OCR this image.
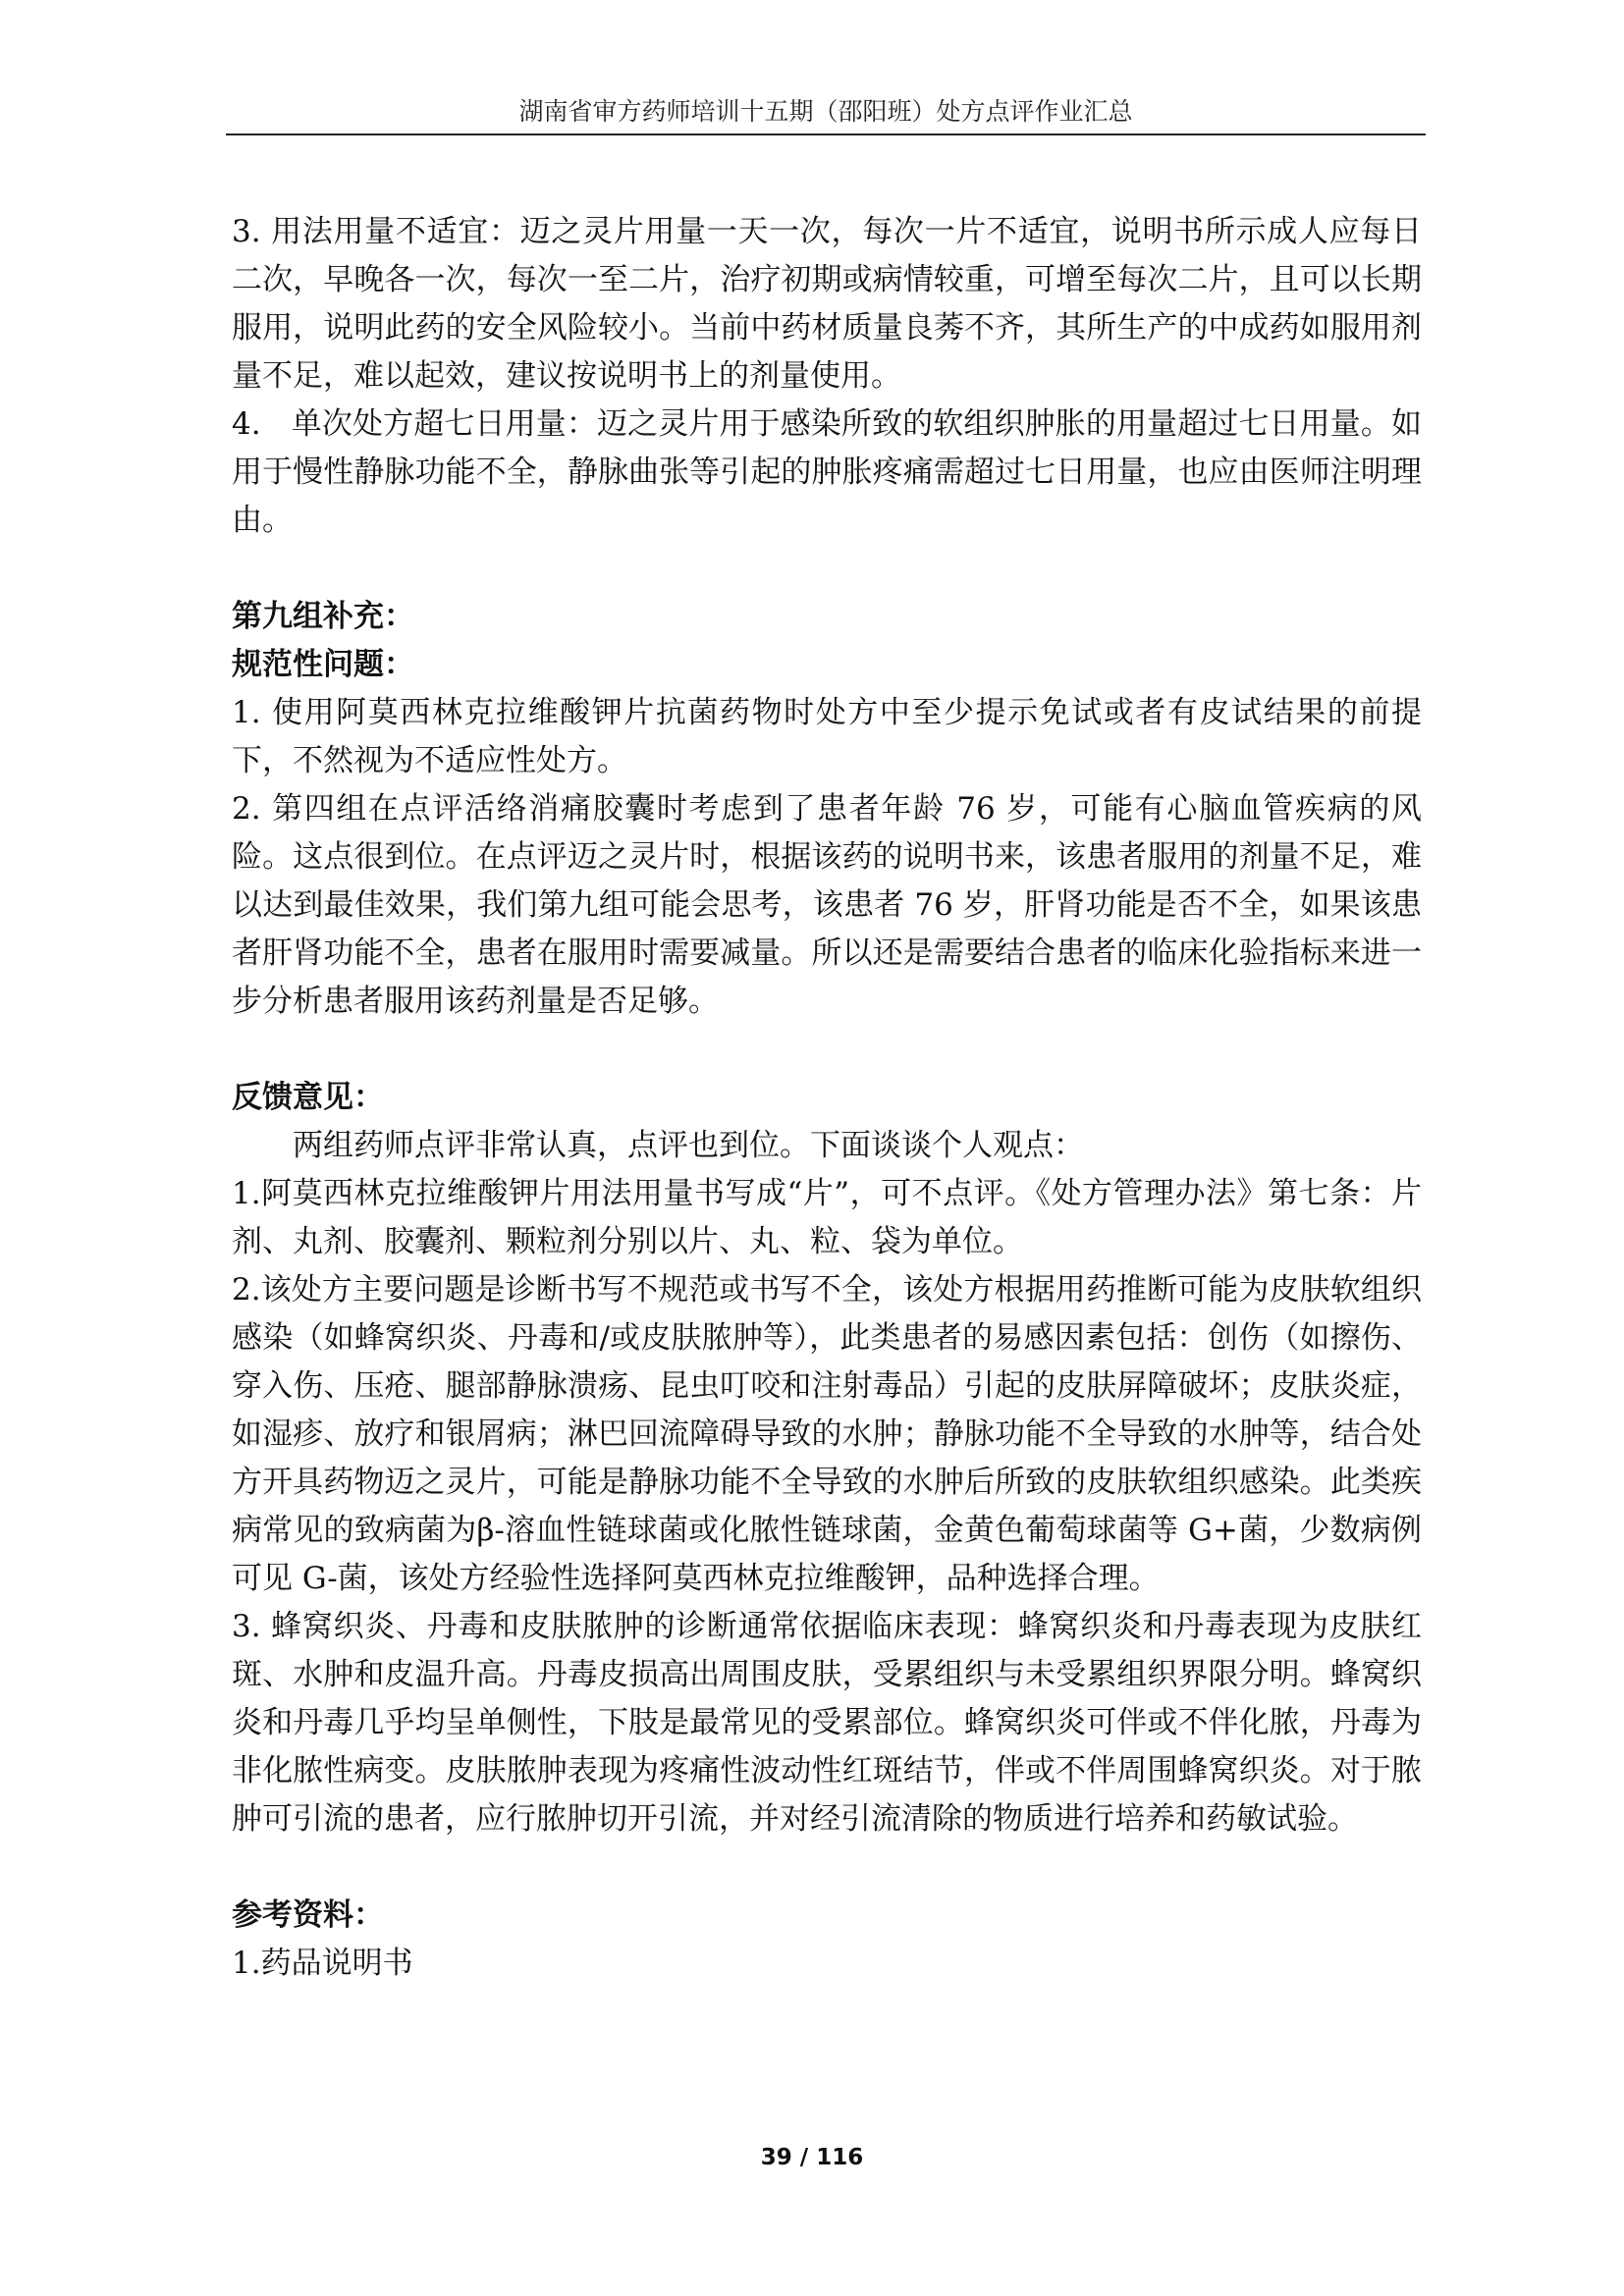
湖南省审方药师培训十五期（邵阳班）处方点评作业汇总

3. 用法用量不适宜：迈之灵片用量一天一次，每次一片不适宜，说明书所示成人应每日二次，早晚各一次，每次一至二片，治疗初期或病情较重，可增至每次二片，且可以长期服用，说明此药的安全风险较小。当前中药材质量良莠不齐，其所生产的中成药如服用剂量不足，难以起效，建议按说明书上的剂量使用。

4.　单次处方超七日用量：迈之灵片用于感染所致的软组织肿胀的用量超过七日用量。如用于慢性静脉功能不全，静脉曲张等引起的肿胀疼痛需超过七日用量，也应由医师注明理由。

第九组补充：

规范性问题：

1. 使用阿莫西林克拉维酸钾片抗菌药物时处方中至少提示免试或者有皮试结果的前提下，不然视为不适应性处方。

2. 第四组在点评活络消痛胶囊时考虑到了患者年龄 76 岁，可能有心脑血管疾病的风险。这点很到位。在点评迈之灵片时，根据该药的说明书来，该患者服用的剂量不足，难以达到最佳效果，我们第九组可能会思考，该患者 76 岁，肝肾功能是否不全，如果该患者肝肾功能不全，患者在服用时需要减量。所以还是需要结合患者的临床化验指标来进一步分析患者服用该药剂量是否足够。

反馈意见：

两组药师点评非常认真，点评也到位。下面谈谈个人观点：

1.阿莫西林克拉维酸钾片用法用量书写成“片”，可不点评。《处方管理办法》第七条：片剂、丸剂、胶囊剂、颗粒剂分别以片、丸、粒、袋为单位。

2.该处方主要问题是诊断书写不规范或书写不全，该处方根据用药推断可能为皮肤软组织感染（如蜂窝织炎、丹毒和/或皮肤脓肿等），此类患者的易感因素包括：创伤（如擦伤、穿入伤、压疮、腿部静脉溃疡、昆虫叮咬和注射毒品）引起的皮肤屏障破坏；皮肤炎症，如湿疹、放疗和银屑病；淋巴回流障碍导致的水肿；静脉功能不全导致的水肿等，结合处方开具药物迈之灵片，可能是静脉功能不全导致的水肿后所致的皮肤软组织感染。此类疾病常见的致病菌为β-溶血性链球菌或化脓性链球菌，金黄色葡萄球菌等 G+菌，少数病例可见 G-菌，该处方经验性选择阿莫西林克拉维酸钾，品种选择合理。

3. 蜂窝织炎、丹毒和皮肤脓肿的诊断通常依据临床表现：蜂窝织炎和丹毒表现为皮肤红斑、水肿和皮温升高。丹毒皮损高出周围皮肤，受累组织与未受累组织界限分明。蜂窝织炎和丹毒几乎均呈单侧性，下肢是最常见的受累部位。蜂窝织炎可伴或不伴化脓，丹毒为非化脓性病变。皮肤脓肿表现为疼痛性波动性红斑结节，伴或不伴周围蜂窝织炎。对于脓肿可引流的患者，应行脓肿切开引流，并对经引流清除的物质进行培养和药敏试验。

参考资料：

1.药品说明书

39 / 116
